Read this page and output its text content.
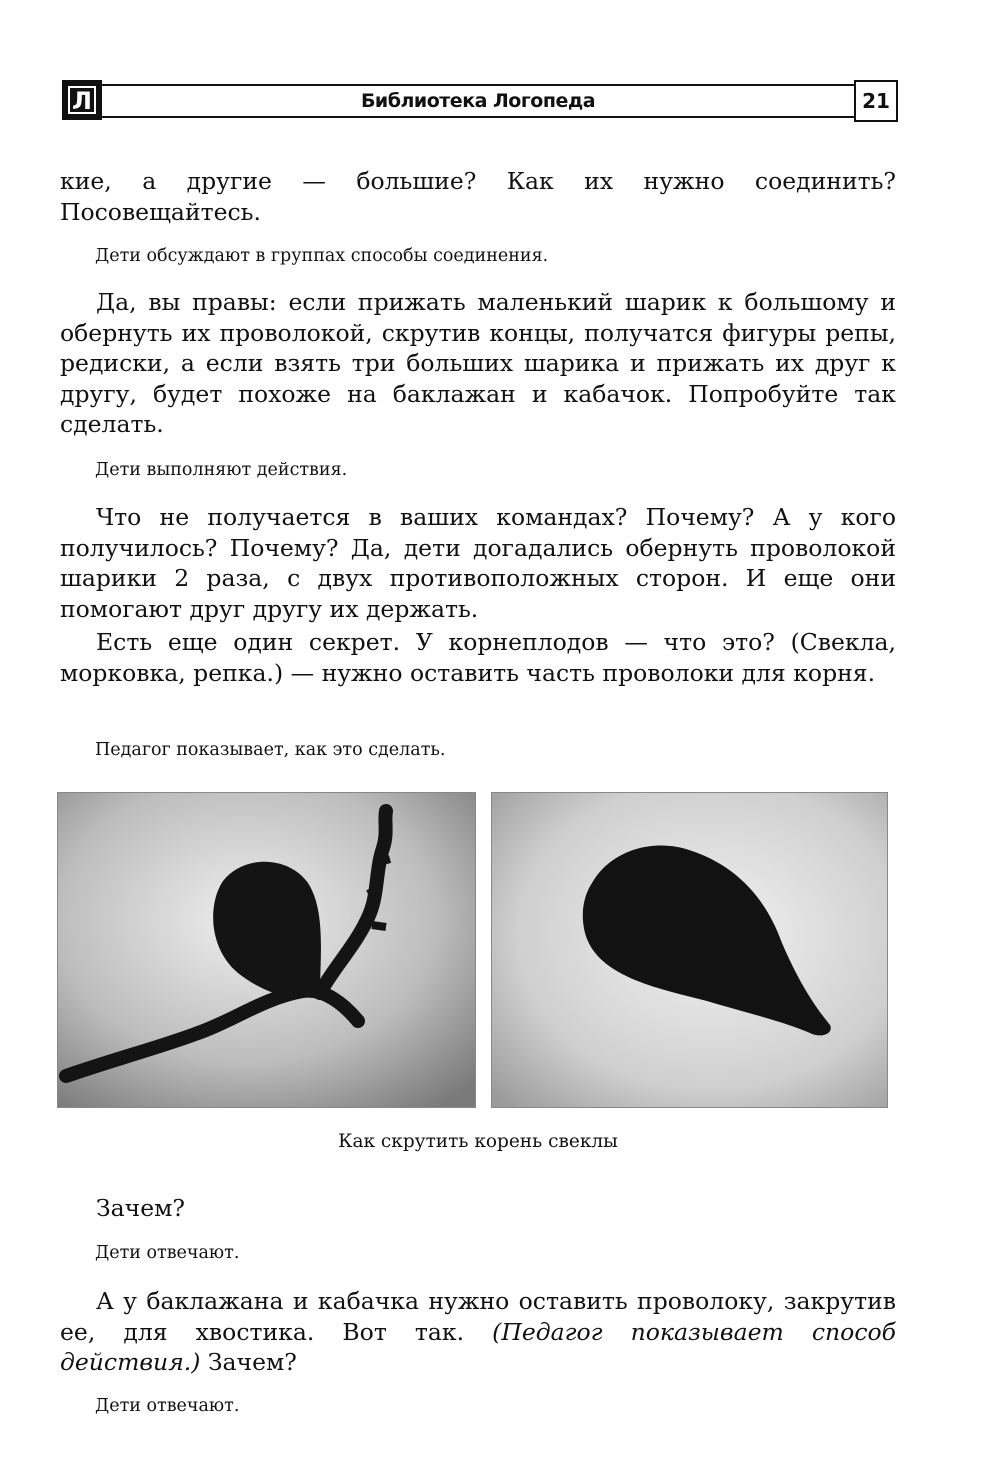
Л	Библиотека Логопеда	21

кие, а другие — большие? Как их нужно соединить? Посовещайтесь.

Дети обсуждают в группах способы соединения.

Да, вы правы: если прижать маленький шарик к большому и обернуть их проволокой, скрутив концы, получатся фигуры репы, редиски, а если взять три больших шарика и прижать их друг к другу, будет похоже на баклажан и кабачок. Попробуйте так сделать.

Дети выполняют действия.

Что не получается в ваших командах? Почему? А у кого получилось? Почему? Да, дети догадались обернуть проволокой шарики 2 раза, с двух противоположных сторон. И еще они помогают друг другу их держать.

Есть еще один секрет. У корнеплодов — что это? (Свекла, морковка, репка.) — нужно оставить часть проволоки для корня.

Педагог показывает, как это сделать.

Как скрутить корень свеклы

Зачем?

Дети отвечают.

А у баклажана и кабачка нужно оставить проволоку, закрутив ее, для хвостика. Вот так. (Педагог показывает способ действия.) Зачем?

Дети отвечают.
